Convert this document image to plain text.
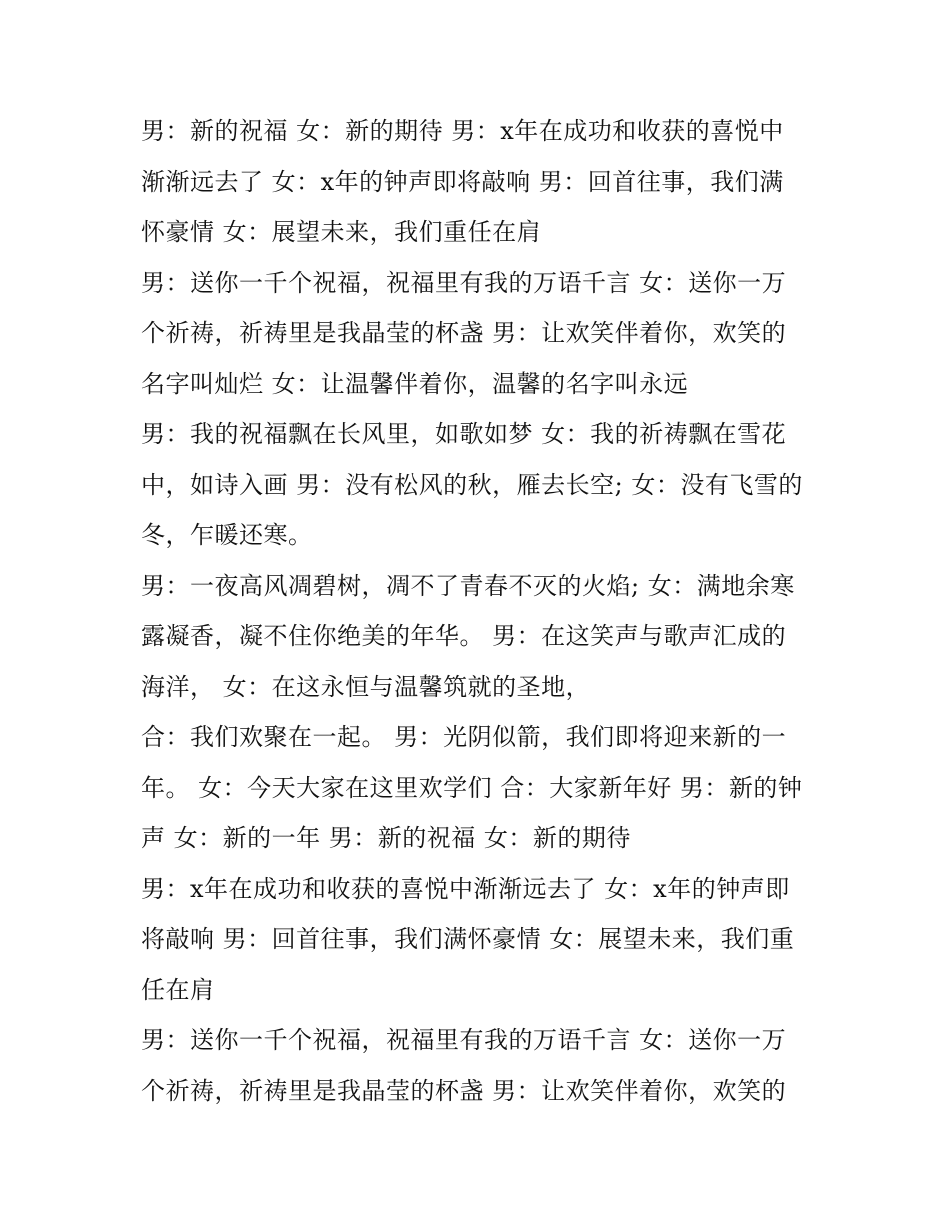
男：新的祝福 女：新的期待 男：x年在成功和收获的喜悦中
渐渐远去了 女：x年的钟声即将敲响 男：回首往事，我们满
怀豪情 女：展望未来，我们重任在肩
男：送你一千个祝福，祝福里有我的万语千言 女：送你一万
个祈祷，祈祷里是我晶莹的杯盏 男：让欢笑伴着你，欢笑的
名字叫灿烂 女：让温馨伴着你，温馨的名字叫永远
男：我的祝福飘在长风里，如歌如梦 女：我的祈祷飘在雪花
中，如诗入画 男：没有松风的秋，雁去长空; 女：没有飞雪的
冬，乍暖还寒。
男：一夜高风凋碧树，凋不了青春不灭的火焰; 女：满地余寒
露凝香，凝不住你绝美的年华。 男：在这笑声与歌声汇成的
海洋， 女：在这永恒与温馨筑就的圣地，
合：我们欢聚在一起。 男：光阴似箭，我们即将迎来新的一
年。 女：今天大家在这里欢学们 合：大家新年好 男：新的钟
声 女：新的一年 男：新的祝福 女：新的期待
男：x年在成功和收获的喜悦中渐渐远去了 女：x年的钟声即
将敲响 男：回首往事，我们满怀豪情 女：展望未来，我们重
任在肩
男：送你一千个祝福，祝福里有我的万语千言 女：送你一万
个祈祷，祈祷里是我晶莹的杯盏 男：让欢笑伴着你，欢笑的
